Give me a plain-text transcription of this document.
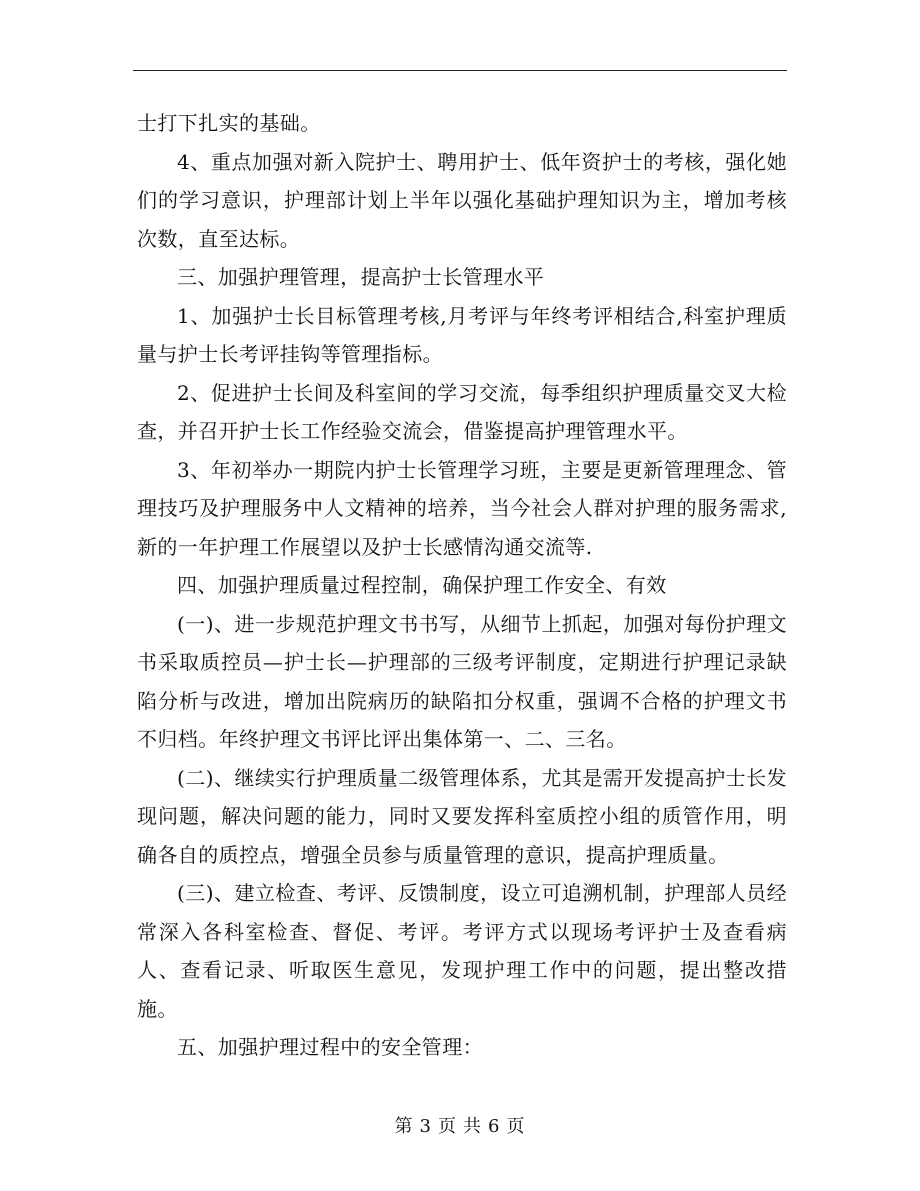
士打下扎实的基础。

4、重点加强对新入院护士、聘用护士、低年资护士的考核，强化她们的学习意识，护理部计划上半年以强化基础护理知识为主，增加考核次数，直至达标。

三、加强护理管理，提高护士长管理水平

1、加强护士长目标管理考核,月考评与年终考评相结合,科室护理质量与护士长考评挂钩等管理指标。

2、促进护士长间及科室间的学习交流，每季组织护理质量交叉大检查，并召开护士长工作经验交流会，借鉴提高护理管理水平。

3、年初举办一期院内护士长管理学习班，主要是更新管理理念、管理技巧及护理服务中人文精神的培养，当今社会人群对护理的服务需求,新的一年护理工作展望以及护士长感情沟通交流等.

四、加强护理质量过程控制，确保护理工作安全、有效

(一)、进一步规范护理文书书写，从细节上抓起，加强对每份护理文书采取质控员—护士长—护理部的三级考评制度，定期进行护理记录缺陷分析与改进，增加出院病历的缺陷扣分权重，强调不合格的护理文书不归档。年终护理文书评比评出集体第一、二、三名。

(二)、继续实行护理质量二级管理体系，尤其是需开发提高护士长发现问题，解决问题的能力，同时又要发挥科室质控小组的质管作用，明确各自的质控点，增强全员参与质量管理的意识，提高护理质量。

(三)、建立检查、考评、反馈制度，设立可追溯机制，护理部人员经常深入各科室检查、督促、考评。考评方式以现场考评护士及查看病人、查看记录、听取医生意见，发现护理工作中的问题，提出整改措施。

五、加强护理过程中的安全管理：

第 3 页 共 6 页
